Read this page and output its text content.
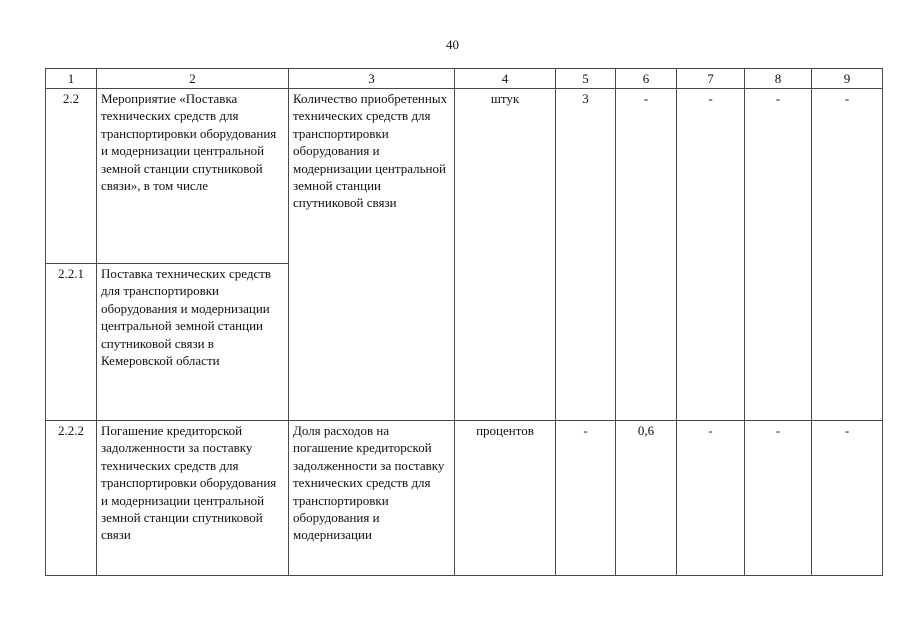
40
1	2	3	4	5	6	7	8	9
2.2	Мероприятие «Поставка технических средств для транспортировки оборудования и модернизации центральной земной станции спутниковой связи», в том числе	Количество приобретенных технических средств для транспортировки оборудования и модернизации центральной земной станции спутниковой связи	штук	3	-	-	-	-
2.2.1	Поставка технических средств для транспортировки оборудования и модернизации центральной земной станции спутниковой связи в Кемеровской области							
2.2.2	Погашение кредиторской задолженности за поставку технических средств для транспортировки оборудования и модернизации центральной земной станции спутниковой связи	Доля расходов на погашение кредиторской задолженности за поставку технических средств для транспортировки оборудования и модернизации	процентов	-	0,6	-	-	-
